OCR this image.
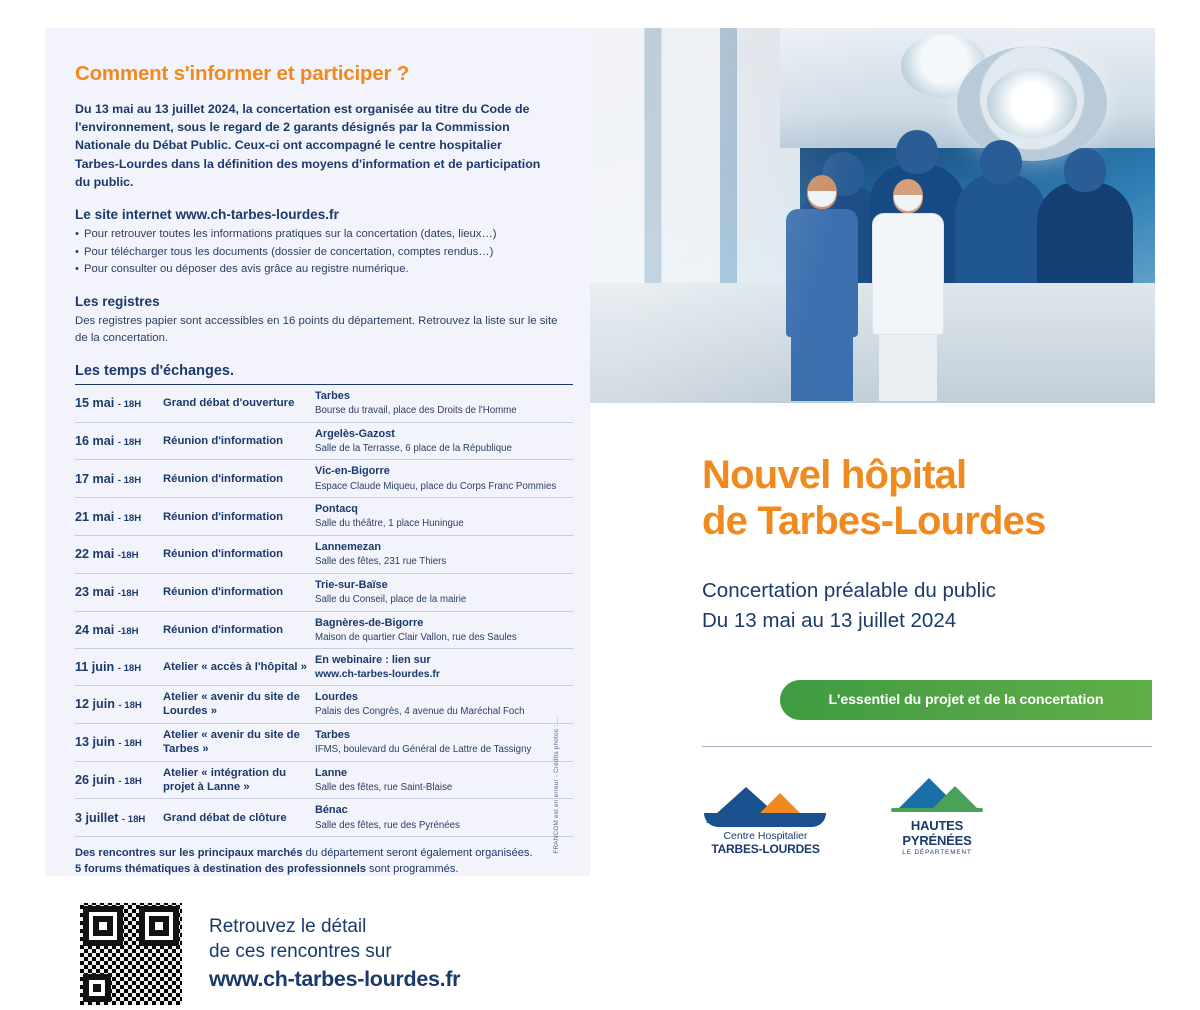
Comment s'informer et participer ?

Du 13 mai au 13 juillet 2024, la concertation est organisée au titre du Code de l'environnement, sous le regard de 2 garants désignés par la Commission Nationale du Débat Public. Ceux-ci ont accompagné le centre hospitalier Tarbes-Lourdes dans la définition des moyens d'information et de participation du public.

Le site internet www.ch-tarbes-lourdes.fr
• Pour retrouver toutes les informations pratiques sur la concertation (dates, lieux…)
• Pour télécharger tous les documents (dossier de concertation, comptes rendus…)
• Pour consulter ou déposer des avis grâce au registre numérique.
Les registres
Des registres papier sont accessibles en 16 points du département. Retrouvez la liste sur le site de la concertation.
Les temps d'échanges.
15 mai - 18H	Grand débat d'ouverture	Tarbes
Bourse du travail, place des Droits de l'Homme
16 mai - 18H	Réunion d'information	Argelès-Gazost
Salle de la Terrasse, 6 place de la République
17 mai - 18H	Réunion d'information	Vic-en-Bigorre
Espace Claude Miqueu, place du Corps Franc Pommies
21 mai - 18H	Réunion d'information	Pontacq
Salle du théâtre, 1 place Huningue
22 mai -18H	Réunion d'information	Lannemezan
Salle des fêtes, 231 rue Thiers
23 mai -18H	Réunion d'information	Trie-sur-Baïse
Salle du Conseil, place de la mairie
24 mai -18H	Réunion d'information	Bagnères-de-Bigorre
Maison de quartier Clair Vallon, rue des Saules
11 juin - 18H	Atelier « accès à l'hôpital »	En webinaire : lien sur
www.ch-tarbes-lourdes.fr

12 juin - 18H	Atelier « avenir du site de Lourdes »	Lourdes
Palais des Congrès, 4 avenue du Maréchal Foch
13 juin - 18H	Atelier « avenir du site de Tarbes »	Tarbes
IFMS, boulevard du Général de Lattre de Tassigny
26 juin - 18H	Atelier « intégration du projet à Lanne »	Lanne
Salle des fêtes, rue Saint-Blaise
3 juillet - 18H	Grand débat de clôture	Bénac
Salle des fêtes, rue des Pyrénées
Des rencontres sur les principaux marchés du département seront également organisées.
5 forums thématiques à destination des professionnels sont programmés.
Retrouvez le détail
de ces rencontres sur
www.ch-tarbes-lourdes.fr
FRANCOM est en erreur - Crédits photos : ...
Nouvel hôpital
de Tarbes-Lourdes
Concertation préalable du public
Du 13 mai au 13 juillet 2024
L'essentiel du projet et de la concertation
Centre Hospitalier
TARBES-LOURDES
HAUTES
PYRÉNÉES
LE DÉPARTEMENT
